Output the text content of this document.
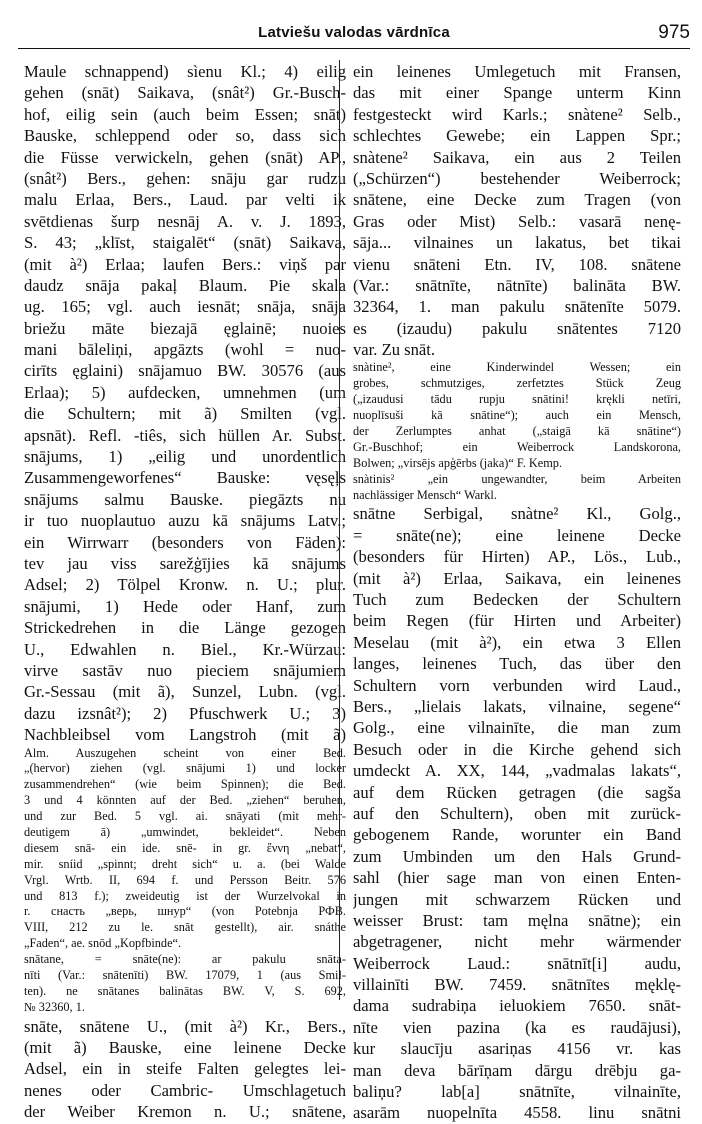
Latviešu valodas vārdnīca	975
Maule schnappend) sìenu Kl.; 4) eilig
gehen (snāt) Saikava, (snât²) Gr.-Busch-
hof, eilig sein (auch beim Essen; snāt)
Bauske, schleppend oder so, dass sich
die Füsse verwickeln, gehen (snāt) AP.,
(snât²) Bers., gehen: snāju gar rudzu
malu Erlaa, Bers., Laud. par velti ik
svētdienas šurp nesnāj A. v. J. 1893,
S. 43; „klīst, staigalēt“ (snāt) Saikava,
(mit à²) Erlaa; laufen Bers.: viņš par
daudz snāja pakaļ Blaum. Pie skala
ug. 165; vgl. auch iesnāt; snāja, snāja
briežu māte biezajā ęglainē; nuoies
mani bāleliņi, apgāzts (wohl = nuo-
cirīts ęglaini) snājamuo BW. 30576 (aus
Erlaa); 5) aufdecken, umnehmen (um
die Schultern; mit ã) Smilten (vgl.
apsnāt). Refl. -tiês, sich hüllen Ar. Subst.
snājums, 1) „eilig und unordentlich
Zusammengeworfenes“ Bauske: vęsęļs
snājums salmu Bauske. piegāzts nu
ir tuo nuoplautuo auzu kā snājums Latv.;
ein Wirrwarr (besonders von Fäden):
tev jau viss sarežģījies kā snājums
Adsel; 2) Tölpel Kronw. n. U.; plur.
snājumi, 1) Hede oder Hanf, zum
Strickedrehen in die Länge gezogen
U., Edwahlen n. Biel., Kr.-Würzau:
virve sastāv nuo pieciem snājumiem
Gr.-Sessau (mit ã), Sunzel, Lubn. (vgl.
dazu izsnât²); 2) Pfuschwerk U.; 3)
Nachbleibsel vom Langstroh (mit ã)
Alm. Auszugehen scheint von einer Bed.
„(hervor) ziehen (vgl. snājumi 1) und locker
zusammendrehen“ (wie beim Spinnen); die Bed.
3 und 4 könnten auf der Bed. „ziehen“ beruhen,
und zur Bed. 5 vgl. ai. snāyati (mit mehr-
deutigem ā) „umwindet, bekleidet“. Neben
diesem snā- ein ide. snē- in gr. ἔννη „nebat“,
mir. sníid „spinnt; dreht sich“ u. a. (bei Walde
Vrgl. Wrtb. II, 694 f. und Persson Beitr. 576
und 813 f.); zweideutig ist der Wurzelvokal in
r. снасть „верь, шнур“ (von Potebnja РФВ.
VIII, 212 zu le. snāt gestellt), air. snáthe
„Faden“, ae. snōd „Kopfbinde“.
snātane, = snāte(ne): ar pakulu snāta-
nīti (Var.: snātenīti) BW. 17079, 1 (aus Smil-
ten). ne snātanes balinātas BW. V, S. 692,
№ 32360, 1.
snāte, snātene U., (mit à²) Kr., Bers.,
(mit ã) Bauske, eine leinene Decke
Adsel, ein in steife Falten gelegtes lei-
nenes oder Cambric- Umschlagetuch
der Weiber Kremon n. U.; snātene,
ein leinenes Umlegetuch mit Fransen,
das mit einer Spange unterm Kinn
festgesteckt wird Karls.; snàtene² Selb.,
schlechtes Gewebe; ein Lappen Spr.;
snàtene² Saikava, ein aus 2 Teilen
(„Schürzen“) bestehender Weiberrock;
snātene, eine Decke zum Tragen (von
Gras oder Mist) Selb.: vasarā nenę-
sāja... vilnaines un lakatus, bet tikai
vienu snāteni Etn. IV, 108. snātene
(Var.: snātnīte, nātnīte) balināta BW.
32364, 1. man pakulu snātenīte 5079.
es (izaudu) pakulu snātentes 7120
var. Zu snāt.
snàtine², eine Kinderwindel Wessen; ein
grobes, schmutziges, zerfetztes Stück Zeug
(„izaudusi tādu rupju snātini! krękli netīri,
nuoplīsuši kā snātine“); auch ein Mensch,
der Zerlumptes anhat („staigā kā snātine“)
Gr.-Buschhof; ein Weiberrock Landskorona,
Bolwen; „virsējs apģērbs (jaka)“ F. Kemp.
snàtinis² „ein ungewandter, beim Arbeiten
nachlässiger Mensch“ Warkl.
snātne Serbigal, snàtne² Kl., Golg.,
= snāte(ne); eine leinene Decke
(besonders für Hirten) AP., Lös., Lub.,
(mit à²) Erlaa, Saikava, ein leinenes
Tuch zum Bedecken der Schultern
beim Regen (für Hirten und Arbeiter)
Meselau (mit à²), ein etwa 3 Ellen
langes, leinenes Tuch, das über den
Schultern vorn verbunden wird Laud.,
Bers., „lielais lakats, vilnaine, segene“
Golg., eine vilnainīte, die man zum
Besuch oder in die Kirche gehend sich
umdeckt A. XX, 144, „vadmalas lakats“,
auf dem Rücken getragen (die sagša
auf den Schultern), oben mit zurück-
gebogenem Rande, worunter ein Band
zum Umbinden um den Hals Grund-
sahl (hier sage man von einen Enten-
jungen mit schwarzem Rücken und
weisser Brust: tam męlna snātne); ein
abgetragener, nicht mehr wärmender
Weiberrock Laud.: snātnīt[i] audu,
villainīti BW. 7459. snātnītes męklę-
dama sudrabiņa ieluokiem 7650. snāt-
nīte vien pazina (ka es raudājusi),
kur slaucīju asariņas 4156 vr. kas
man deva bārīņam dārgu drēbju ga-
baliņu? lab[a] snātnīte, vilnainīte,
asarām nuopelnīta 4558. linu snātni
